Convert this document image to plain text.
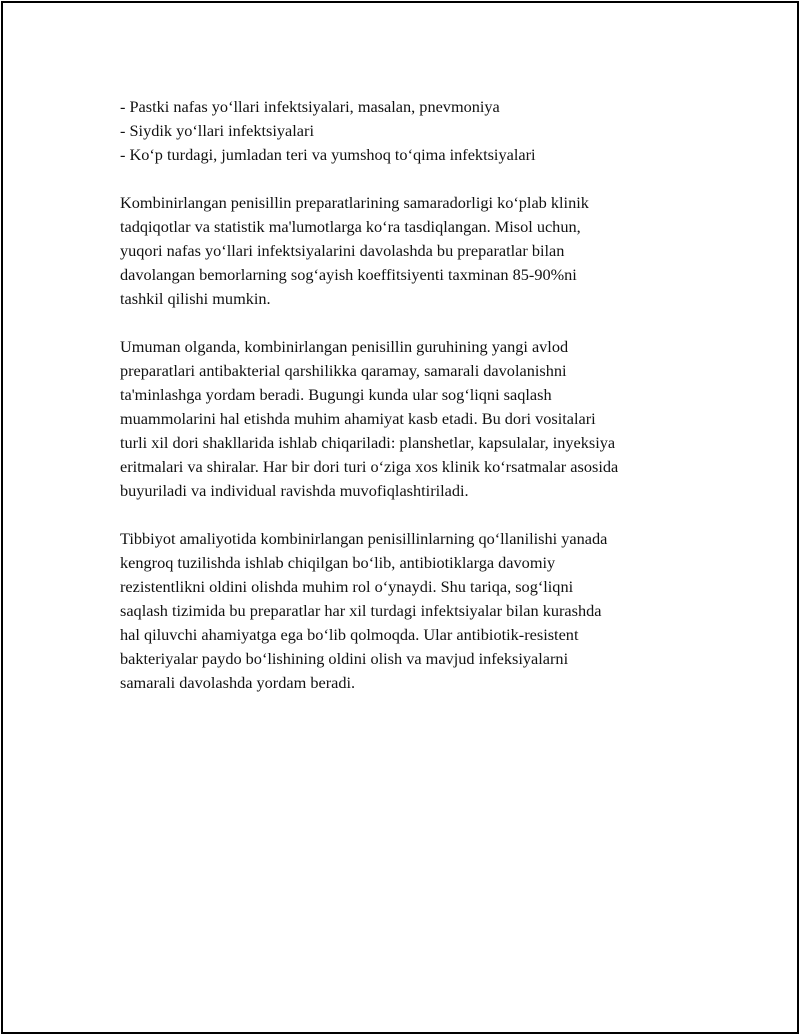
- Pastki nafas yo‘llari infektsiyalari, masalan, pnevmoniya
- Siydik yo‘llari infektsiyalari
- Ko‘p turdagi, jumladan teri va yumshoq to‘qima infektsiyalari

Kombinirlangan penisillin preparatlarining samaradorligi ko‘plab klinik
tadqiqotlar va statistik ma'lumotlarga ko‘ra tasdiqlangan. Misol uchun,
yuqori nafas yo‘llari infektsiyalarini davolashda bu preparatlar bilan
davolangan bemorlarning sog‘ayish koeffitsiyenti taxminan 85-90%ni
tashkil qilishi mumkin.

Umuman olganda, kombinirlangan penisillin guruhining yangi avlod
preparatlari antibakterial qarshilikka qaramay, samarali davolanishni
ta'minlashga yordam beradi. Bugungi kunda ular sog‘liqni saqlash
muammolarini hal etishda muhim ahamiyat kasb etadi. Bu dori vositalari
turli xil dori shakllarida ishlab chiqariladi: planshetlar, kapsulalar, inyeksiya
eritmalari va shiralar. Har bir dori turi o‘ziga xos klinik ko‘rsatmalar asosida
buyuriladi va individual ravishda muvofiqlashtiriladi.

Tibbiyot amaliyotida kombinirlangan penisillinlarning qo‘llanilishi yanada
kengroq tuzilishda ishlab chiqilgan bo‘lib, antibiotiklarga davomiy
rezistentlikni oldini olishda muhim rol o‘ynaydi. Shu tariqa, sog‘liqni
saqlash tizimida bu preparatlar har xil turdagi infektsiyalar bilan kurashda
hal qiluvchi ahamiyatga ega bo‘lib qolmoqda. Ular antibiotik-resistent
bakteriyalar paydo bo‘lishining oldini olish va mavjud infeksiyalarni
samarali davolashda yordam beradi.
